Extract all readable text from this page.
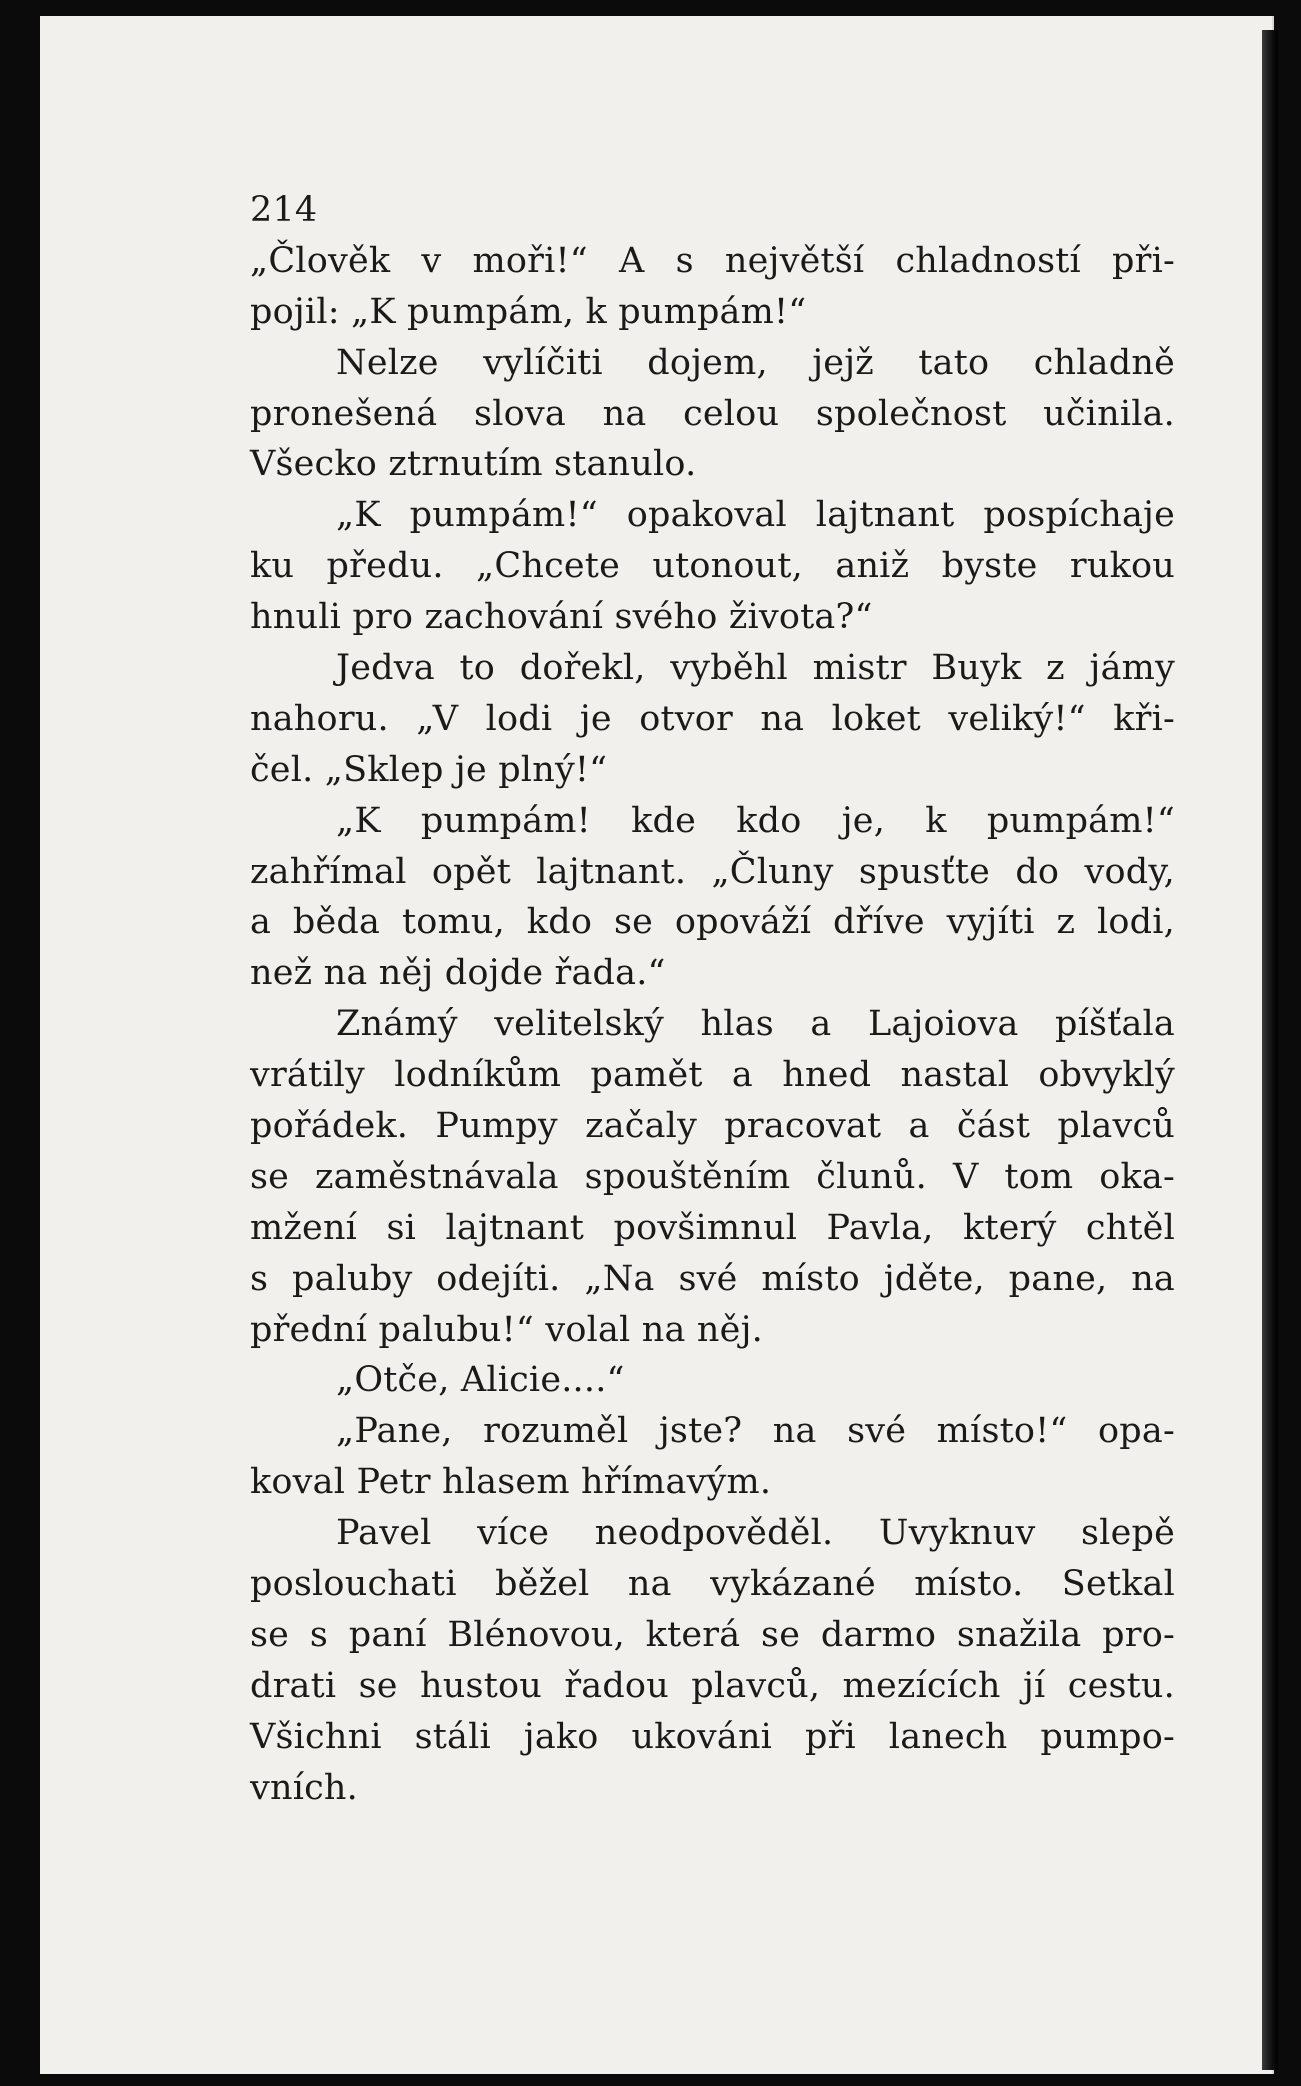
214
„Člověk v moři!“ A s největší chladností při-
pojil: „K pumpám, k pumpám!“
Nelze vylíčiti dojem, jejž tato chladně
pronešená slova na celou společnost učinila.
Všecko ztrnutím stanulo.
„K pumpám!“ opakoval lajtnant pospíchaje
ku předu. „Chcete utonout, aniž byste rukou
hnuli pro zachování svého života?“
Jedva to dořekl, vyběhl mistr Buyk z jámy
nahoru. „V lodi je otvor na loket veliký!“ kři-
čel. „Sklep je plný!“
„K pumpám! kde kdo je, k pumpám!“
zahřímal opět lajtnant. „Čluny spusťte do vody,
a běda tomu, kdo se opováží dříve vyjíti z lodi,
než na něj dojde řada.“
Známý velitelský hlas a Lajoiova píšťala
vrátily lodníkům pamět a hned nastal obvyklý
pořádek. Pumpy začaly pracovat a část plavců
se zaměstnávala spouštěním člunů. V tom oka-
mžení si lajtnant povšimnul Pavla, který chtěl
s paluby odejíti. „Na své místo jděte, pane, na
přední palubu!“ volal na něj.
„Otče, Alicie....“
„Pane, rozuměl jste? na své místo!“ opa-
koval Petr hlasem hřímavým.
Pavel více neodpověděl. Uvyknuv slepě
poslouchati běžel na vykázané místo. Setkal
se s paní Blénovou, která se darmo snažila pro-
drati se hustou řadou plavců, mezících jí cestu.
Všichni stáli jako ukováni při lanech pumpo-
vních.
